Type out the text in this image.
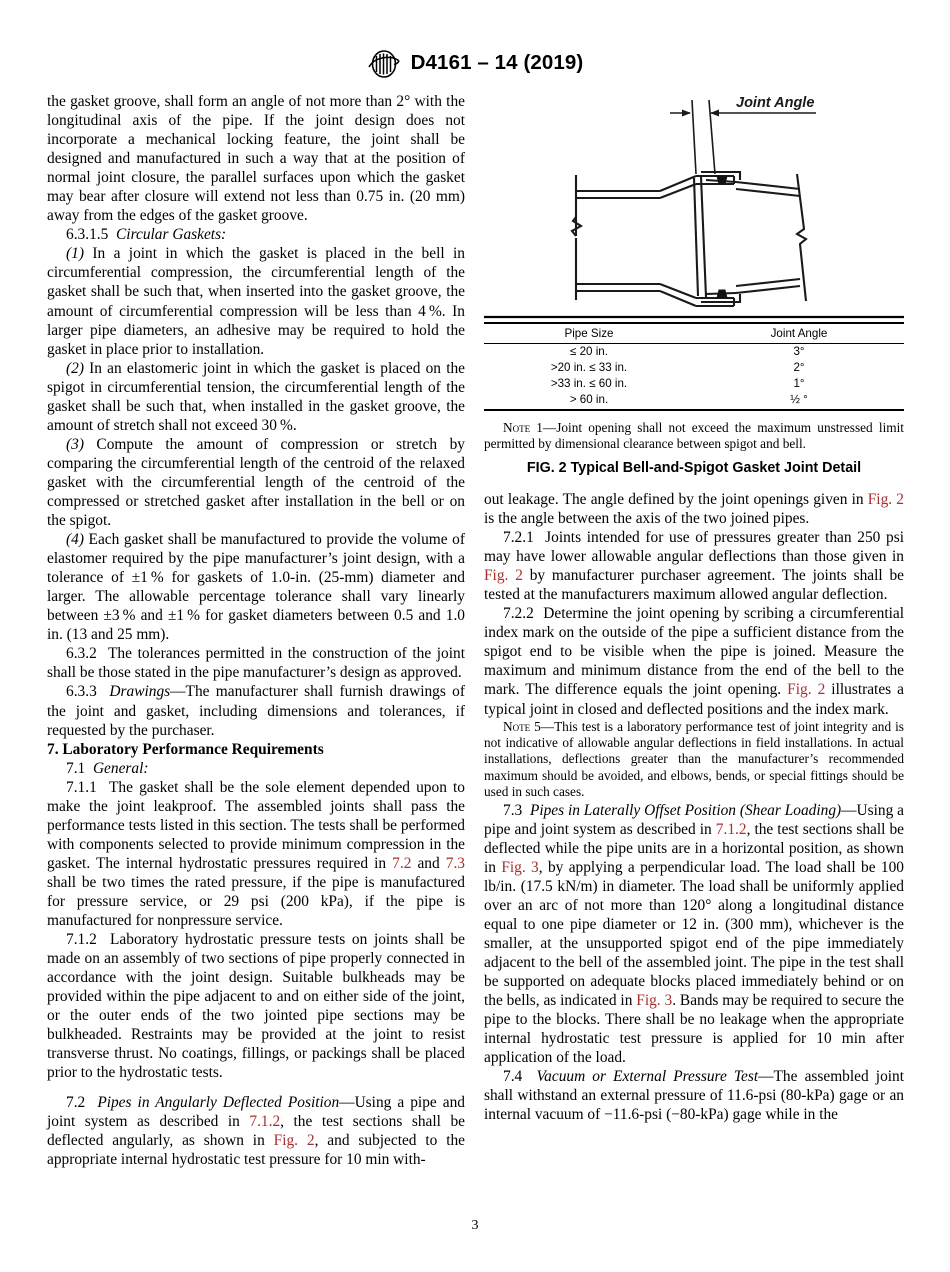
D4161 – 14 (2019)

the gasket groove, shall form an angle of not more than 2° with the longitudinal axis of the pipe. If the joint design does not incorporate a mechanical locking feature, the joint shall be designed and manufactured in such a way that at the position of normal joint closure, the parallel surfaces upon which the gasket may bear after closure will extend not less than 0.75 in. (20 mm) away from the edges of the gasket groove.

6.3.1.5  Circular Gaskets:

(1) In a joint in which the gasket is placed in the bell in circumferential compression, the circumferential length of the gasket shall be such that, when inserted into the gasket groove, the amount of circumferential compression will be less than 4 %. In larger pipe diameters, an adhesive may be required to hold the gasket in place prior to installation.

(2) In an elastomeric joint in which the gasket is placed on the spigot in circumferential tension, the circumferential length of the gasket shall be such that, when installed in the gasket groove, the amount of stretch shall not exceed 30 %.

(3) Compute the amount of compression or stretch by comparing the circumferential length of the centroid of the relaxed gasket with the circumferential length of the centroid of the compressed or stretched gasket after installation in the bell or on the spigot.

(4) Each gasket shall be manufactured to provide the volume of elastomer required by the pipe manufacturer’s joint design, with a tolerance of ±1 % for gaskets of 1.0-in. (25-mm) diameter and larger. The allowable percentage tolerance shall vary linearly between ±3 % and ±1 % for gasket diameters between 0.5 and 1.0 in. (13 and 25 mm).

6.3.2  The tolerances permitted in the construction of the joint shall be those stated in the pipe manufacturer’s design as approved.

6.3.3  Drawings—The manufacturer shall furnish drawings of the joint and gasket, including dimensions and tolerances, if requested by the purchaser.

7. Laboratory Performance Requirements

7.1  General:

7.1.1  The gasket shall be the sole element depended upon to make the joint leakproof. The assembled joints shall pass the performance tests listed in this section. The tests shall be performed with components selected to provide minimum compression in the gasket. The internal hydrostatic pressures required in 7.2 and 7.3 shall be two times the rated pressure, if the pipe is manufactured for pressure service, or 29 psi (200 kPa), if the pipe is manufactured for nonpressure service.

7.1.2  Laboratory hydrostatic pressure tests on joints shall be made on an assembly of two sections of pipe properly connected in accordance with the joint design. Suitable bulkheads may be provided within the pipe adjacent to and on either side of the joint, or the outer ends of the two jointed pipe sections may be bulkheaded. Restraints may be provided at the joint to resist transverse thrust. No coatings, fillings, or packings shall be placed prior to the hydrostatic tests.

7.2  Pipes in Angularly Deflected Position—Using a pipe and joint system as described in 7.1.2, the test sections shall be deflected angularly, as shown in Fig. 2, and subjected to the appropriate internal hydrostatic test pressure for 10 min with-

Joint Angle
Pipe Size	Joint Angle
≤ 20 in.	3°
>20 in. ≤ 33 in.	2°
>33 in. ≤ 60 in.	1°
> 60 in.	½ °

Note 1—Joint opening shall not exceed the maximum unstressed limit permitted by dimensional clearance between spigot and bell.

FIG. 2 Typical Bell-and-Spigot Gasket Joint Detail

out leakage. The angle defined by the joint openings given in Fig. 2 is the angle between the axis of the two joined pipes.

7.2.1  Joints intended for use of pressures greater than 250 psi may have lower allowable angular deflections than those given in Fig. 2 by manufacturer purchaser agreement. The joints shall be tested at the manufacturers maximum allowed angular deflection.

7.2.2  Determine the joint opening by scribing a circumferential index mark on the outside of the pipe a sufficient distance from the spigot end to be visible when the pipe is joined. Measure the maximum and minimum distance from the end of the bell to the mark. The difference equals the joint opening. Fig. 2 illustrates a typical joint in closed and deflected positions and the index mark.

Note 5—This test is a laboratory performance test of joint integrity and is not indicative of allowable angular deflections in field installations. In actual installations, deflections greater than the manufacturer’s recommended maximum should be avoided, and elbows, bends, or special fittings should be used in such cases.

7.3  Pipes in Laterally Offset Position (Shear Loading)—Using a pipe and joint system as described in 7.1.2, the test sections shall be deflected while the pipe units are in a horizontal position, as shown in Fig. 3, by applying a perpendicular load. The load shall be 100 lb/in. (17.5 kN/m) in diameter. The load shall be uniformly applied over an arc of not more than 120° along a longitudinal distance equal to one pipe diameter or 12 in. (300 mm), whichever is the smaller, at the unsupported spigot end of the pipe immediately adjacent to the bell of the assembled joint. The pipe in the test shall be supported on adequate blocks placed immediately behind or on the bells, as indicated in Fig. 3. Bands may be required to secure the pipe to the blocks. There shall be no leakage when the appropriate internal hydrostatic test pressure is applied for 10 min after application of the load.

7.4  Vacuum or External Pressure Test—The assembled joint shall withstand an external pressure of 11.6-psi (80-kPa) gage or an internal vacuum of −11.6-psi (−80-kPa) gage while in the

3
